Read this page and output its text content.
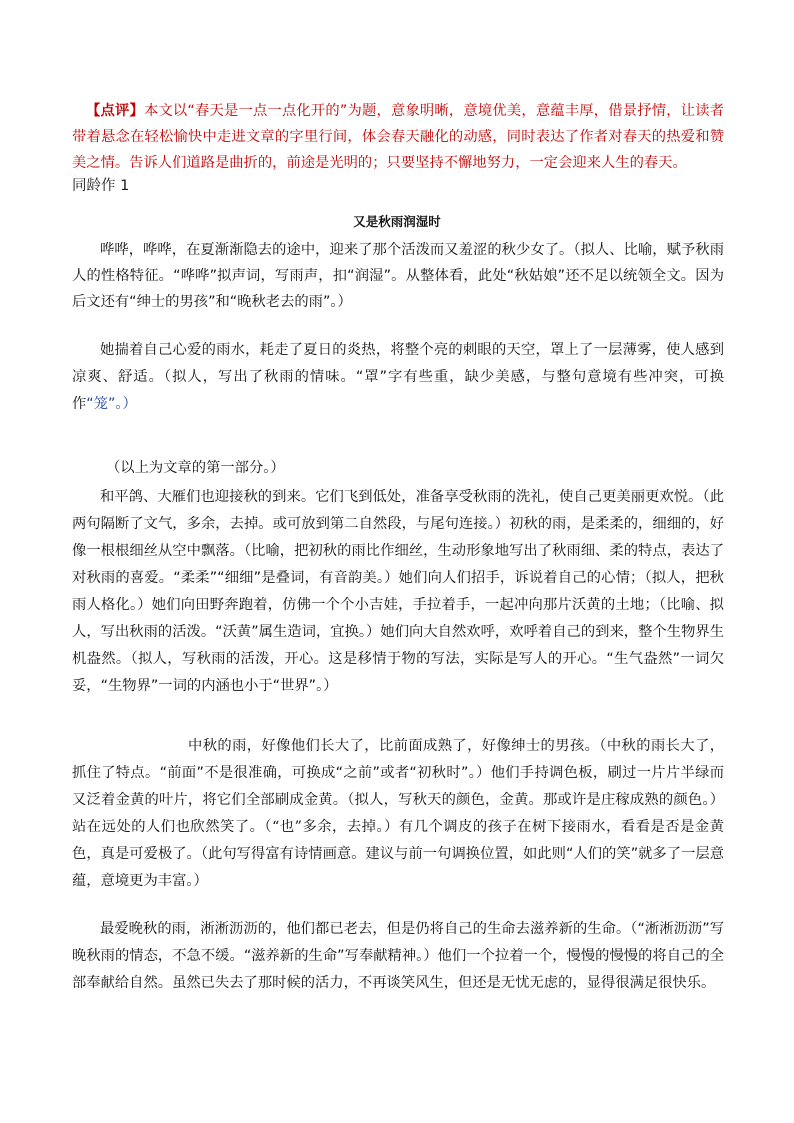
【点评】本文以“春天是一点一点化开的”为题，意象明晰，意境优美，意蕴丰厚，借景抒情，让读者带着悬念在轻松愉快中走进文章的字里行间，体会春天融化的动感，同时表达了作者对春天的热爱和赞美之情。告诉人们道路是曲折的，前途是光明的；只要坚持不懈地努力，一定会迎来人生的春天。

同龄作 1

又是秋雨润湿时

哗哗，哗哗，在夏渐渐隐去的途中，迎来了那个活泼而又羞涩的秋少女了。（拟人、比喻，赋予秋雨人的性格特征。“哗哗”拟声词，写雨声，扣“润湿”。从整体看，此处“秋姑娘”还不足以统领全文。因为后文还有“绅士的男孩”和“晚秋老去的雨”。）

她揣着自己心爱的雨水，耗走了夏日的炎热，将整个亮的刺眼的天空，罩上了一层薄雾，使人感到凉爽、舒适。（拟人，写出了秋雨的情味。“罩”字有些重，缺少美感，与整句意境有些冲突，可换作“笼”。）

（以上为文章的第一部分。）

和平鸽、大雁们也迎接秋的到来。它们飞到低处，准备享受秋雨的洗礼，使自己更美丽更欢悦。（此两句隔断了文气，多余，去掉。或可放到第二自然段，与尾句连接。）初秋的雨，是柔柔的，细细的，好像一根根细丝从空中飘落。（比喻，把初秋的雨比作细丝，生动形象地写出了秋雨细、柔的特点，表达了对秋雨的喜爱。“柔柔”“细细”是叠词，有音韵美。）她们向人们招手，诉说着自己的心情；（拟人，把秋雨人格化。）她们向田野奔跑着，仿佛一个个小吉娃，手拉着手，一起冲向那片沃黄的土地；（比喻、拟人，写出秋雨的活泼。“沃黄”属生造词，宜换。）她们向大自然欢呼，欢呼着自己的到来，整个生物界生机盎然。（拟人，写秋雨的活泼，开心。这是移情于物的写法，实际是写人的开心。“生气盎然”一词欠妥，“生物界”一词的内涵也小于“世界”。）

中秋的雨，好像他们长大了，比前面成熟了，好像绅士的男孩。（中秋的雨长大了，抓住了特点。“前面”不是很准确，可换成“之前”或者“初秋时”。）他们手持调色板，刷过一片片半绿而又泛着金黄的叶片，将它们全部刷成金黄。（拟人，写秋天的颜色，金黄。那或许是庄稼成熟的颜色。）站在远处的人们也欣然笑了。（“也”多余，去掉。）有几个调皮的孩子在树下接雨水，看看是否是金黄色，真是可爱极了。（此句写得富有诗情画意。建议与前一句调换位置，如此则“人们的笑”就多了一层意蕴，意境更为丰富。）

最爱晚秋的雨，淅淅沥沥的，他们都已老去，但是仍将自己的生命去滋养新的生命。（“淅淅沥沥”写晚秋雨的情态，不急不缓。“滋养新的生命”写奉献精神。）他们一个拉着一个，慢慢的慢慢的将自己的全部奉献给自然。虽然已失去了那时候的活力，不再谈笑风生，但还是无忧无虑的，显得很满足很快乐。
